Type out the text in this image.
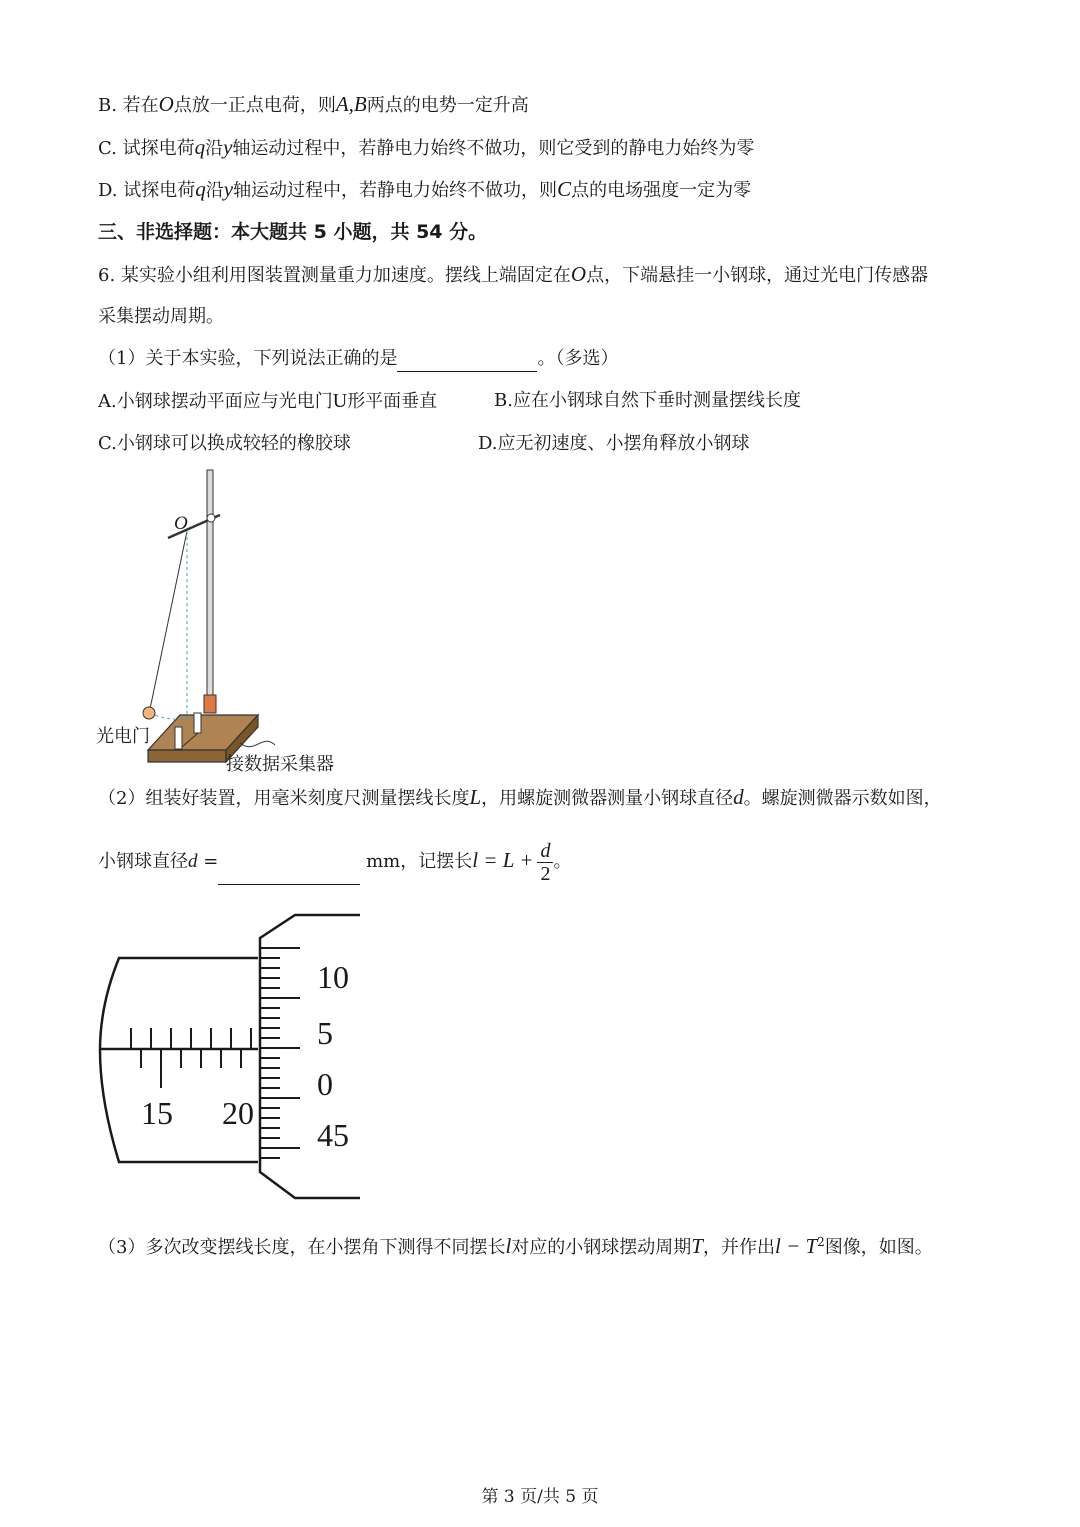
B. 若在O点放一正点电荷，则A,B两点的电势一定升高
C. 试探电荷q沿y轴运动过程中，若静电力始终不做功，则它受到的静电力始终为零
D. 试探电荷q沿y轴运动过程中，若静电力始终不做功，则C点的电场强度一定为零
三、非选择题：本大题共 5 小题，共 54 分。
6. 某实验小组利用图装置测量重力加速度。摆线上端固定在O点，下端悬挂一小钢球，通过光电门传感器
采集摆动周期。
（1）关于本实验，下列说法正确的是	。（多选）
A.小钢球摆动平面应与光电门U形平面垂直	B.应在小钢球自然下垂时测量摆线长度
C.小钢球可以换成较轻的橡胶球	D.应无初速度、小摆角释放小钢球
O
光电门
接数据采集器
（2）组装好装置，用毫米刻度尺测量摆线长度L，用螺旋测微器测量小钢球直径d。螺旋测微器示数如图，
小钢球直径d =	mm，记摆长$l = L + \frac{d}{2}$ 。
15 20
10
5
0
45
（3）多次改变摆线长度，在小摆角下测得不同摆长l对应的小钢球摆动周期T，并作出$l - T^2$图像，如图。
第 3 页/共 5 页
